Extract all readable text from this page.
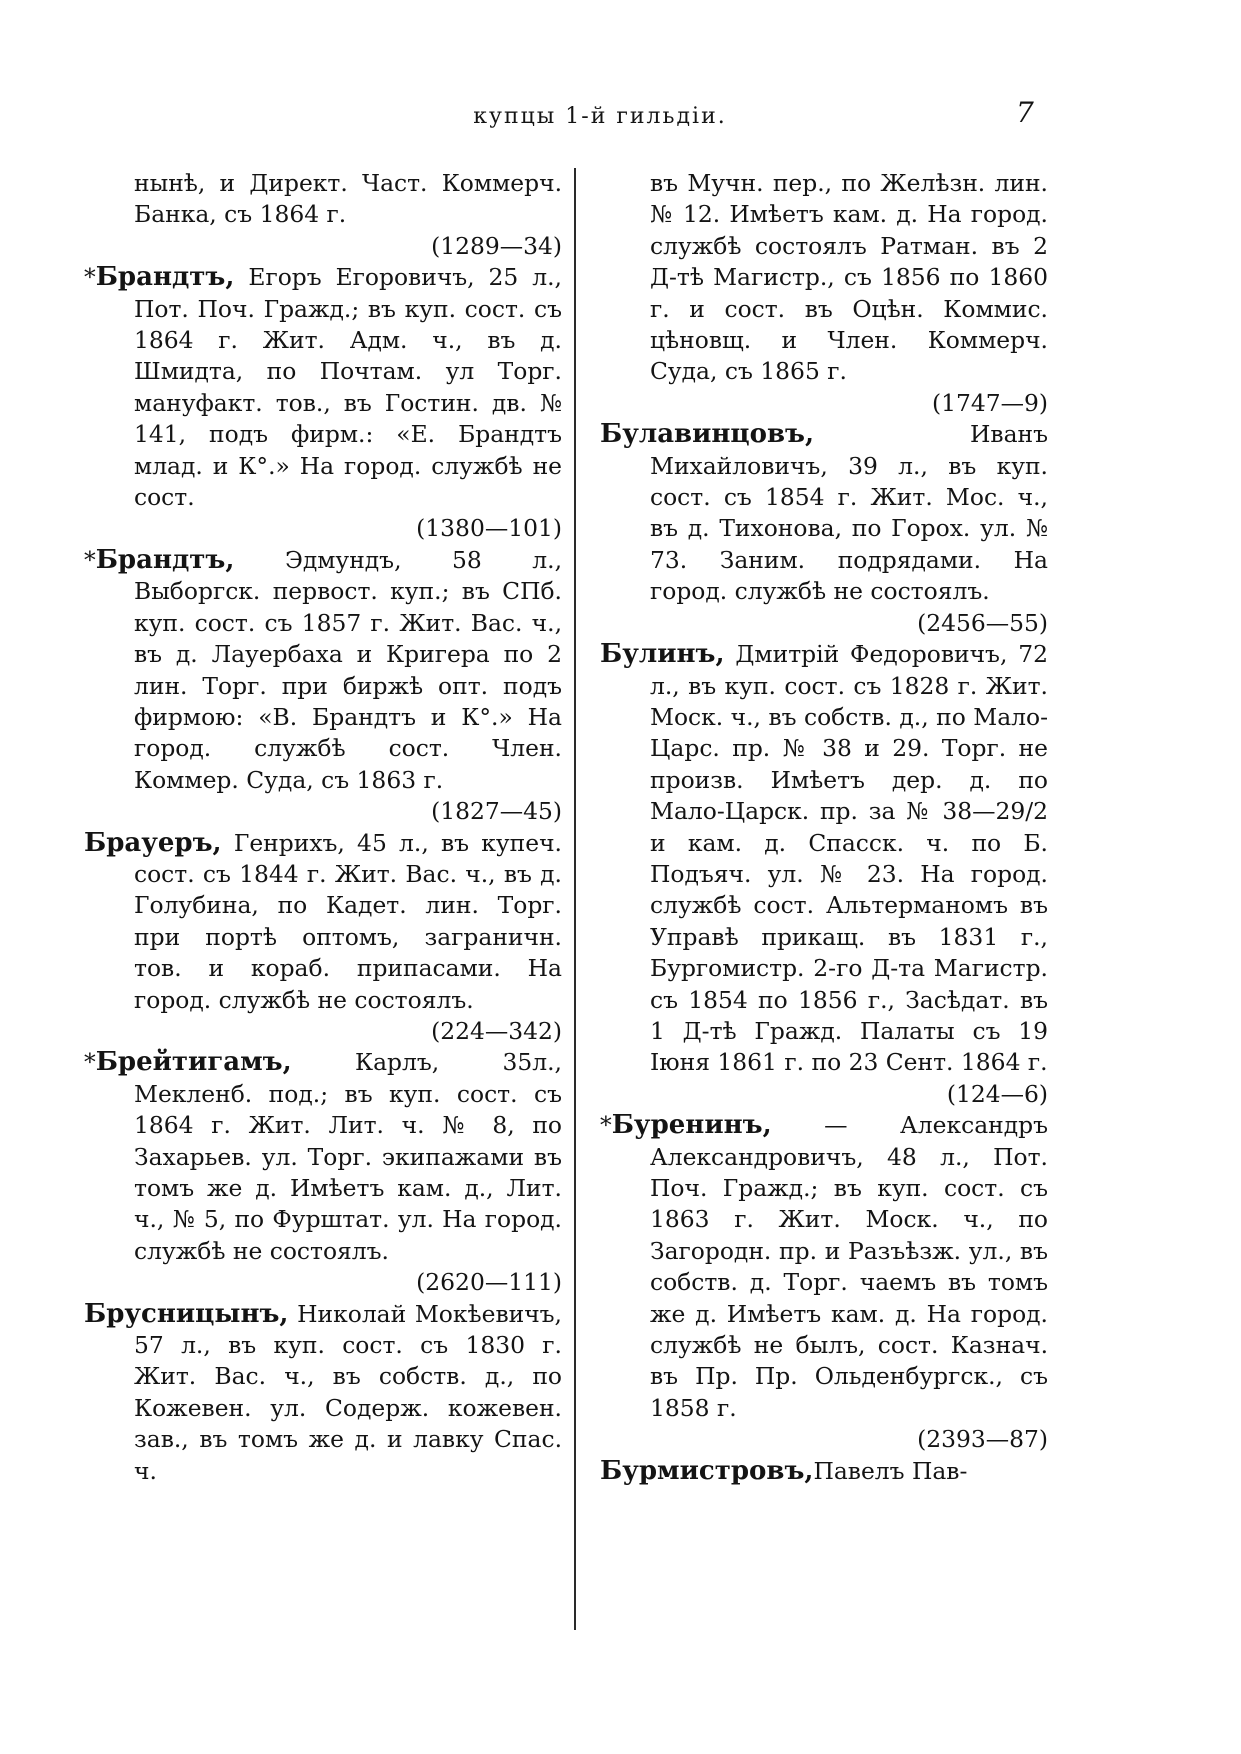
купцы 1-й гильдiи.	7
нынѣ, и Директ. Част. Коммерч. Банка, съ 1864 г.
(1289—34)
*Брандтъ, Егоръ Егоровичъ, 25 л., Пот. Поч. Гражд.; въ куп. сост. съ 1864 г. Жит. Адм. ч., въ д. Шмидта, по Почтам. ул Торг. мануфакт. тов., въ Гостин. дв. № 141, подъ фирм.: «Е. Брандтъ млад. и К°.» На город. службѣ не сост.
(1380—101)
*Брандтъ, Эдмундъ, 58 л., Выборгск. первост. куп.; въ СПб. куп. сост. съ 1857 г. Жит. Вас. ч., въ д. Лауербаха и Кригера по 2 лин. Торг. при биржѣ опт. подъ фирмою: «В. Брандтъ и К°.» На город. службѣ сост. Член. Коммер. Суда, съ 1863 г.
(1827—45)
Брауеръ, Генрихъ, 45 л., въ купеч. сост. съ 1844 г. Жит. Вас. ч., въ д. Голубина, по Кадет. лин. Торг. при портѣ оптомъ, заграничн. тов. и кораб. припасами. На город. службѣ не состоялъ.
(224—342)
*Брейтигамъ,	Карлъ, 35л., Мекленб. под.; въ куп. сост. съ 1864 г. Жит. Лит. ч. № 8, по Захарьев. ул. Торг. экипажами въ томъ же д. Имѣетъ кам. д., Лит. ч., № 5, по Фурштат. ул. На город. службѣ не состоялъ.
(2620—111)
Брусницынъ, Николай Мокѣевичъ, 57 л., въ куп. сост. съ 1830 г. Жит. Вас. ч., въ собств. д., по Кожевен. ул. Содерж. кожевен. зав., въ томъ же д. и лавку Спас. ч.
въ Мучн. пер., по Желѣзн. лин. № 12. Имѣетъ кам. д. На город. службѣ состоялъ Ратман. въ 2 Д-тѣ Магистр., съ 1856 по 1860 г. и сост. въ Оцѣн. Коммис. цѣновщ. и Член. Коммерч. Суда, съ 1865 г.
(1747—9)
Булавинцовъ,	Иванъ Михайловичъ, 39 л., въ куп. сост. съ 1854 г. Жит. Мос. ч., въ д. Тихонова, по Горох. ул. № 73. Заним. подрядами. На город. службѣ не состоялъ.
(2456—55)
Булинъ, Дмитрій Федоровичъ, 72 л., въ куп. сост. съ 1828 г. Жит. Моск. ч., въ собств. д., по Мало-Царс. пр. № 38 и 29. Торг. не произв. Имѣетъ дер. д. по Мало-Царск. пр. за № 38—29/2 и кам. д. Спасск. ч. по Б. Подъяч. ул. № 23. На город. службѣ сост. Альтерманомъ въ Управѣ прикащ. въ 1831 г., Бургомистр. 2-го Д-та Магистр. съ 1854 по 1856 г., Засѣдат. въ 1 Д-тѣ Гражд. Палаты съ 19 Іюня 1861 г. по 23 Сент. 1864 г.
(124—6)
*Буренинъ, — Александръ Александровичъ, 48 л., Пот. Поч. Гражд.; въ куп. сост. съ 1863 г. Жит. Моск. ч., по Загородн. пр. и Разъѣзж. ул., въ собств. д. Торг. чаемъ въ томъ же д. Имѣетъ кам. д. На город. службѣ не былъ, сост. Казнач. въ Пр. Пр. Ольденбургск., съ 1858 г.
(2393—87)
Бурмистровъ,Павелъ Пав-
